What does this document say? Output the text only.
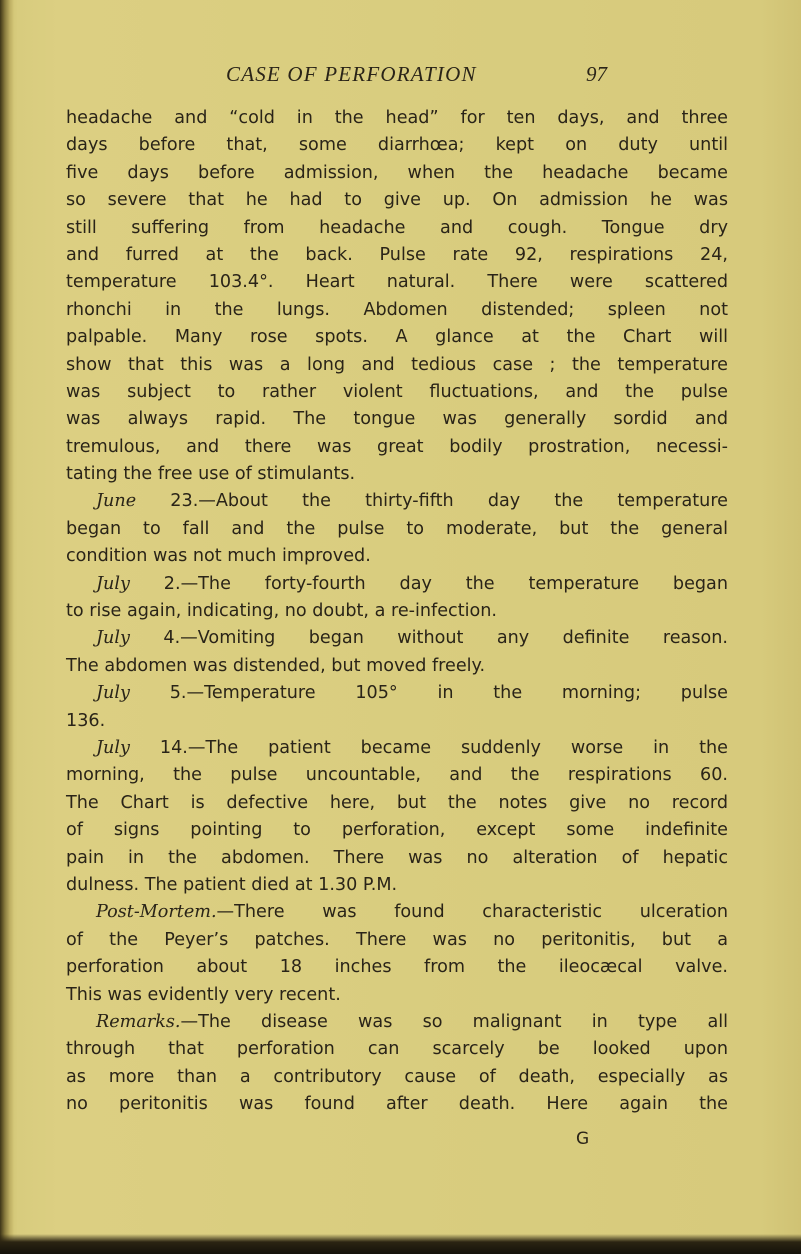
CASE OF PERFORATION	97
headache and “cold in the head” for ten days, and three
days before that, some diarrhœa; kept on duty until
five days before admission, when the headache became
so severe that he had to give up. On admission he was
still suffering from headache and cough. Tongue dry
and furred at the back. Pulse rate 92, respirations 24,
temperature 103.4°. Heart natural. There were scattered
rhonchi in the lungs. Abdomen distended; spleen not
palpable. Many rose spots. A glance at the Chart will
show that this was a long and tedious case ; the temperature
was subject to rather violent fluctuations, and the pulse
was always rapid. The tongue was generally sordid and
tremulous, and there was great bodily prostration, necessi-
tating the free use of stimulants.
June 23.—About the thirty-fifth day the temperature
began to fall and the pulse to moderate, but the general
condition was not much improved.
July 2.—The forty-fourth day the temperature began
to rise again, indicating, no doubt, a re-infection.
July 4.—Vomiting began without any definite reason.
The abdomen was distended, but moved freely.
July 5.—Temperature 105° in the morning; pulse
136.
July 14.—The patient became suddenly worse in the
morning, the pulse uncountable, and the respirations 60.
The Chart is defective here, but the notes give no record
of signs pointing to perforation, except some indefinite
pain in the abdomen. There was no alteration of hepatic
dulness. The patient died at 1.30 P.M.
Post-Mortem.—There was found characteristic ulceration
of the Peyer’s patches. There was no peritonitis, but a
perforation about 18 inches from the ileocæcal valve.
This was evidently very recent.
Remarks.—The disease was so malignant in type all
through that perforation can scarcely be looked upon
as more than a contributory cause of death, especially as
no peritonitis was found after death. Here again the
G
